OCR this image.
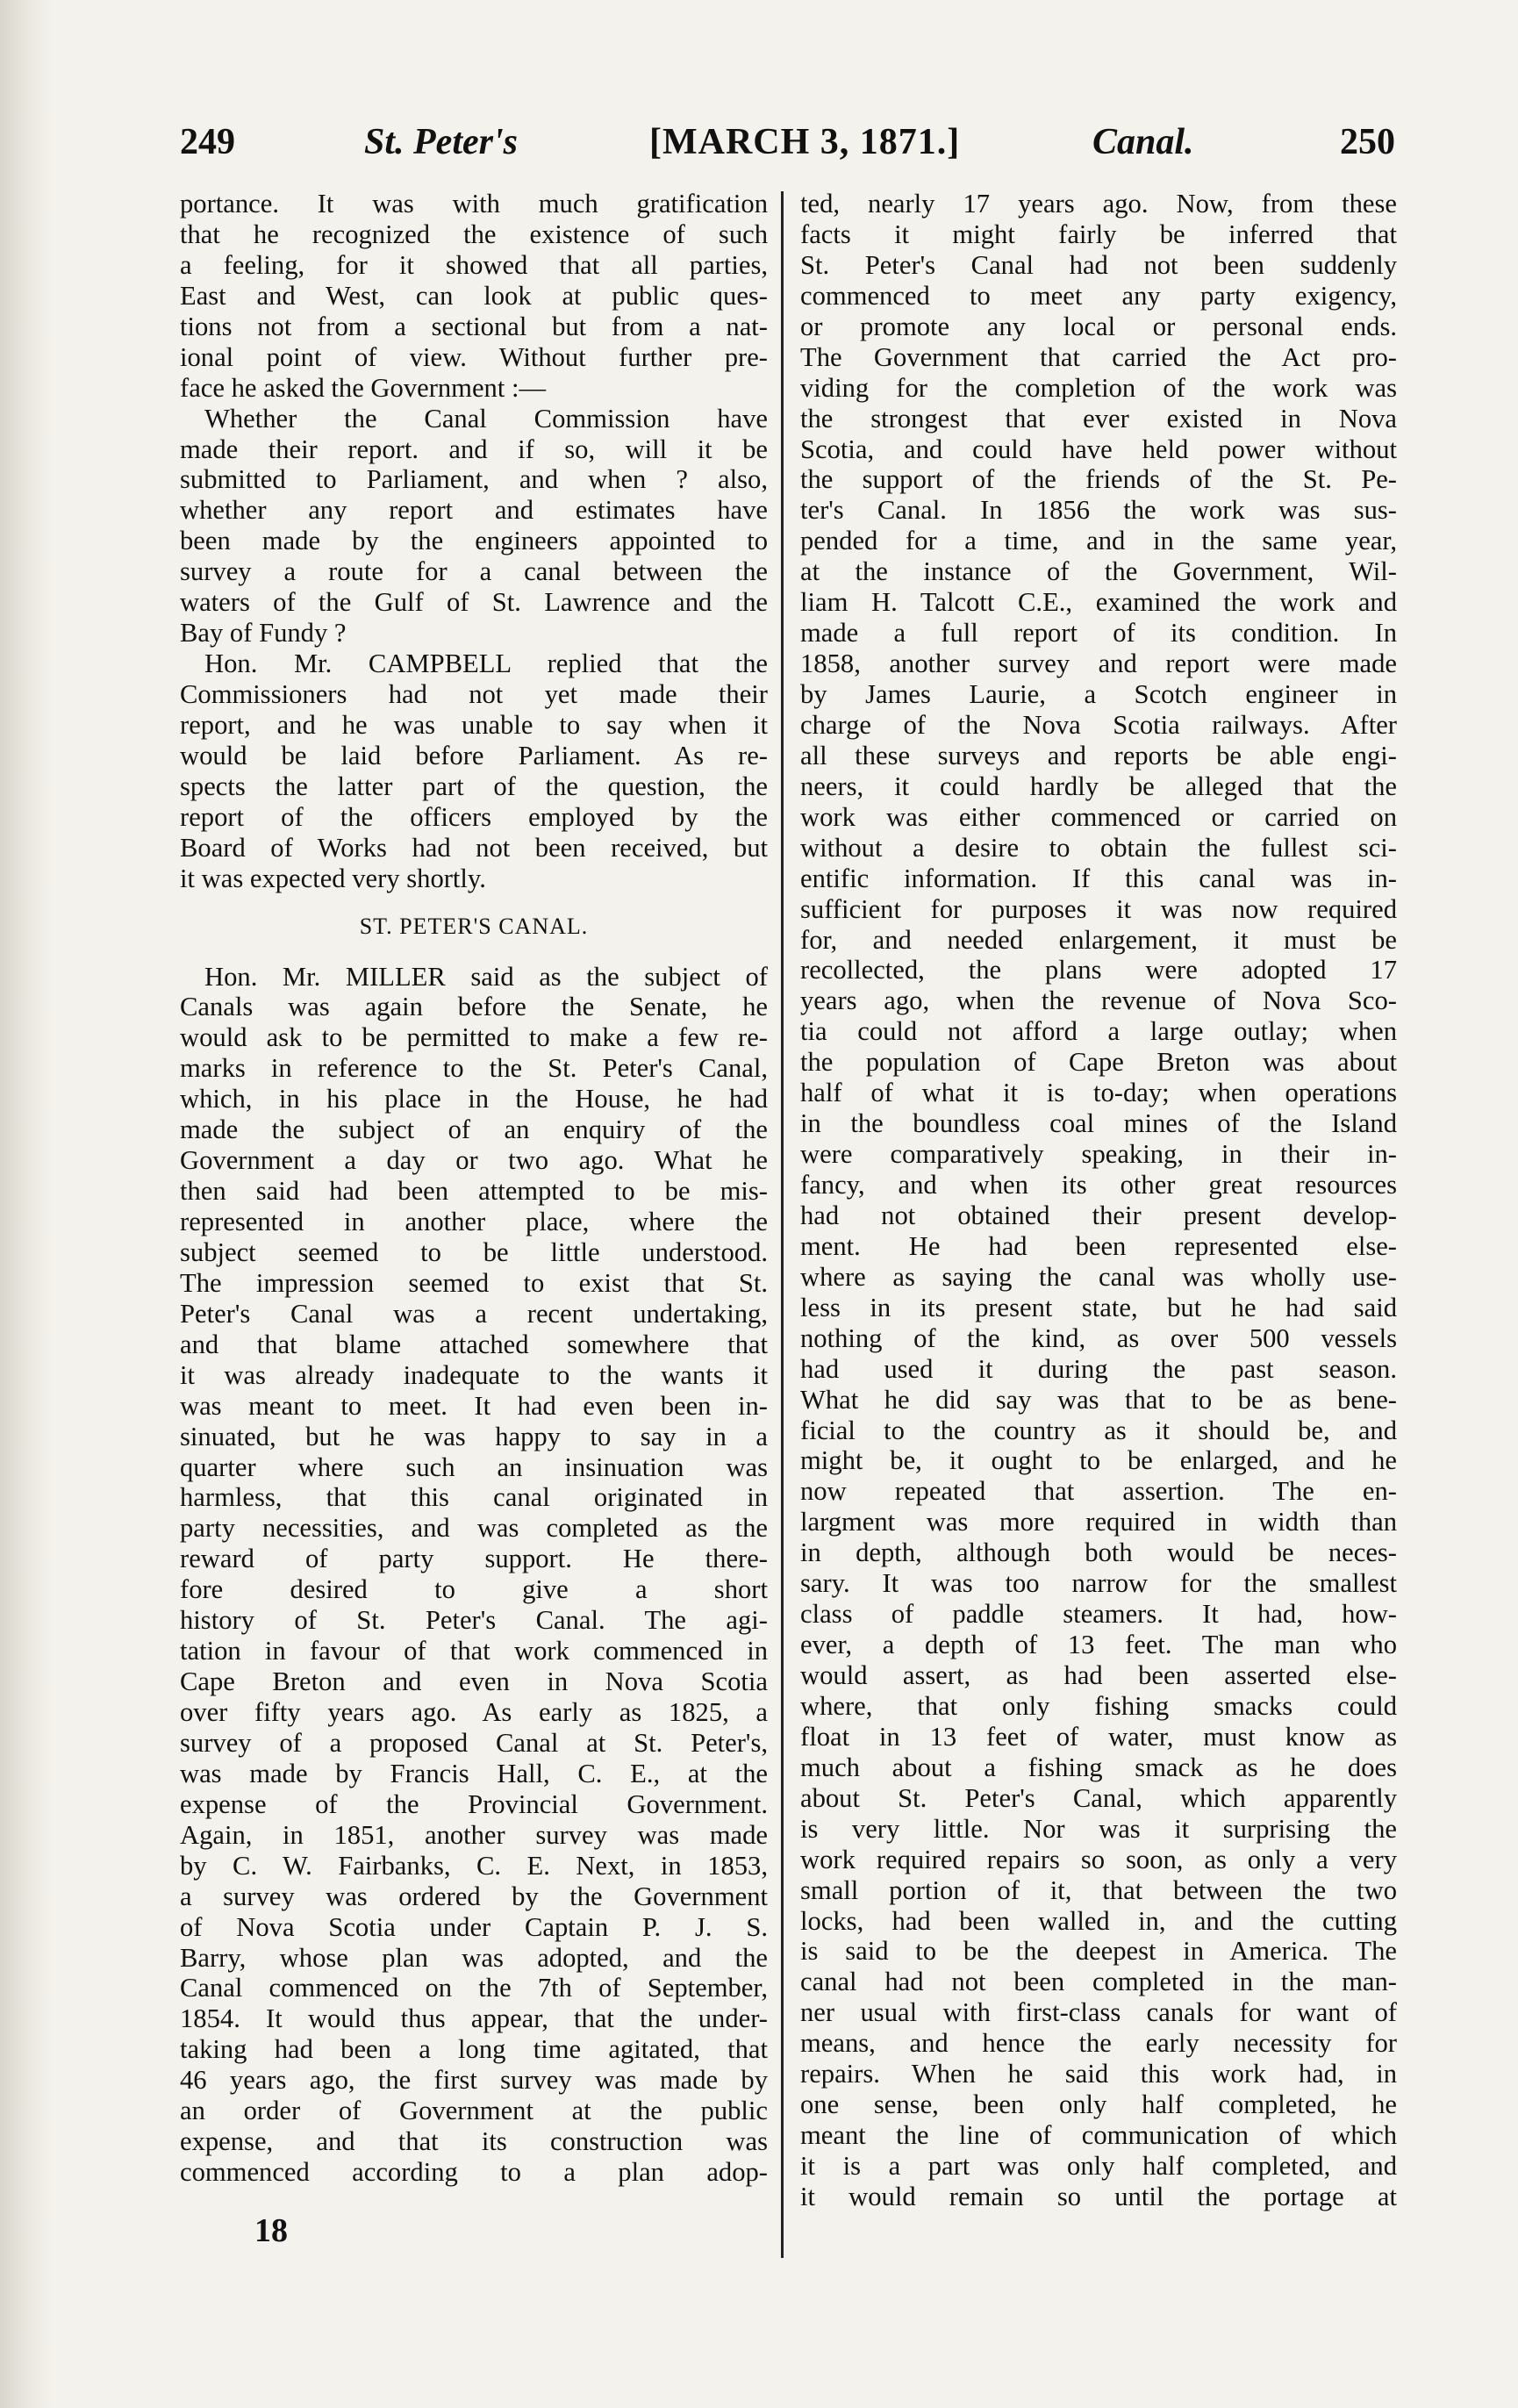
249	St. Peter's	[MARCH 3, 1871.]	Canal.	250
portance. It was with much gratification
that he recognized the existence of such
a feeling, for it showed that all parties,
East and West, can look at public ques-
tions not from a sectional but from a nat-
ional point of view. Without further pre-
face he asked the Government :—
Whether the Canal Commission have
made their report. and if so, will it be
submitted to Parliament, and when ? also,
whether any report and estimates have
been made by the engineers appointed to
survey a route for a canal between the
waters of the Gulf of St. Lawrence and the
Bay of Fundy ?
Hon. Mr. CAMPBELL replied that the
Commissioners had not yet made their
report, and he was unable to say when it
would be laid before Parliament. As re-
spects the latter part of the question, the
report of the officers employed by the
Board of Works had not been received, but
it was expected very shortly.
ST. PETER'S CANAL.
Hon. Mr. MILLER said as the subject of
Canals was again before the Senate, he
would ask to be permitted to make a few re-
marks in reference to the St. Peter's Canal,
which, in his place in the House, he had
made the subject of an enquiry of the
Government a day or two ago. What he
then said had been attempted to be mis-
represented in another place, where the
subject seemed to be little understood.
The impression seemed to exist that St.
Peter's Canal was a recent undertaking,
and that blame attached somewhere that
it was already inadequate to the wants it
was meant to meet. It had even been in-
sinuated, but he was happy to say in a
quarter where such an insinuation was
harmless, that this canal originated in
party necessities, and was completed as the
reward of party support. He there-
fore desired to give a short
history of St. Peter's Canal. The agi-
tation in favour of that work commenced in
Cape Breton and even in Nova Scotia
over fifty years ago. As early as 1825, a
survey of a proposed Canal at St. Peter's,
was made by Francis Hall, C. E., at the
expense of the Provincial Government.
Again, in 1851, another survey was made
by C. W. Fairbanks, C. E. Next, in 1853,
a survey was ordered by the Government
of Nova Scotia under Captain P. J. S.
Barry, whose plan was adopted, and the
Canal commenced on the 7th of September,
1854. It would thus appear, that the under-
taking had been a long time agitated, that
46 years ago, the first survey was made by
an order of Government at the public
expense, and that its construction was
commenced according to a plan adop-
18
ted, nearly 17 years ago. Now, from these
facts it might fairly be inferred that
St. Peter's Canal had not been suddenly
commenced to meet any party exigency,
or promote any local or personal ends.
The Government that carried the Act pro-
viding for the completion of the work was
the strongest that ever existed in Nova
Scotia, and could have held power without
the support of the friends of the St. Pe-
ter's Canal. In 1856 the work was sus-
pended for a time, and in the same year,
at the instance of the Government, Wil-
liam H. Talcott C.E., examined the work and
made a full report of its condition. In
1858, another survey and report were made
by James Laurie, a Scotch engineer in
charge of the Nova Scotia railways. After
all these surveys and reports be able engi-
neers, it could hardly be alleged that the
work was either commenced or carried on
without a desire to obtain the fullest sci-
entific information. If this canal was in-
sufficient for purposes it was now required
for, and needed enlargement, it must be
recollected, the plans were adopted 17
years ago, when the revenue of Nova Sco-
tia could not afford a large outlay; when
the population of Cape Breton was about
half of what it is to-day; when operations
in the boundless coal mines of the Island
were comparatively speaking, in their in-
fancy, and when its other great resources
had not obtained their present develop-
ment. He had been represented else-
where as saying the canal was wholly use-
less in its present state, but he had said
nothing of the kind, as over 500 vessels
had used it during the past season.
What he did say was that to be as bene-
ficial to the country as it should be, and
might be, it ought to be enlarged, and he
now repeated that assertion. The en-
largment was more required in width than
in depth, although both would be neces-
sary. It was too narrow for the smallest
class of paddle steamers. It had, how-
ever, a depth of 13 feet. The man who
would assert, as had been asserted else-
where, that only fishing smacks could
float in 13 feet of water, must know as
much about a fishing smack as he does
about St. Peter's Canal, which apparently
is very little. Nor was it surprising the
work required repairs so soon, as only a very
small portion of it, that between the two
locks, had been walled in, and the cutting
is said to be the deepest in America. The
canal had not been completed in the man-
ner usual with first-class canals for want of
means, and hence the early necessity for
repairs. When he said this work had, in
one sense, been only half completed, he
meant the line of communication of which
it is a part was only half completed, and
it would remain so until the portage at
